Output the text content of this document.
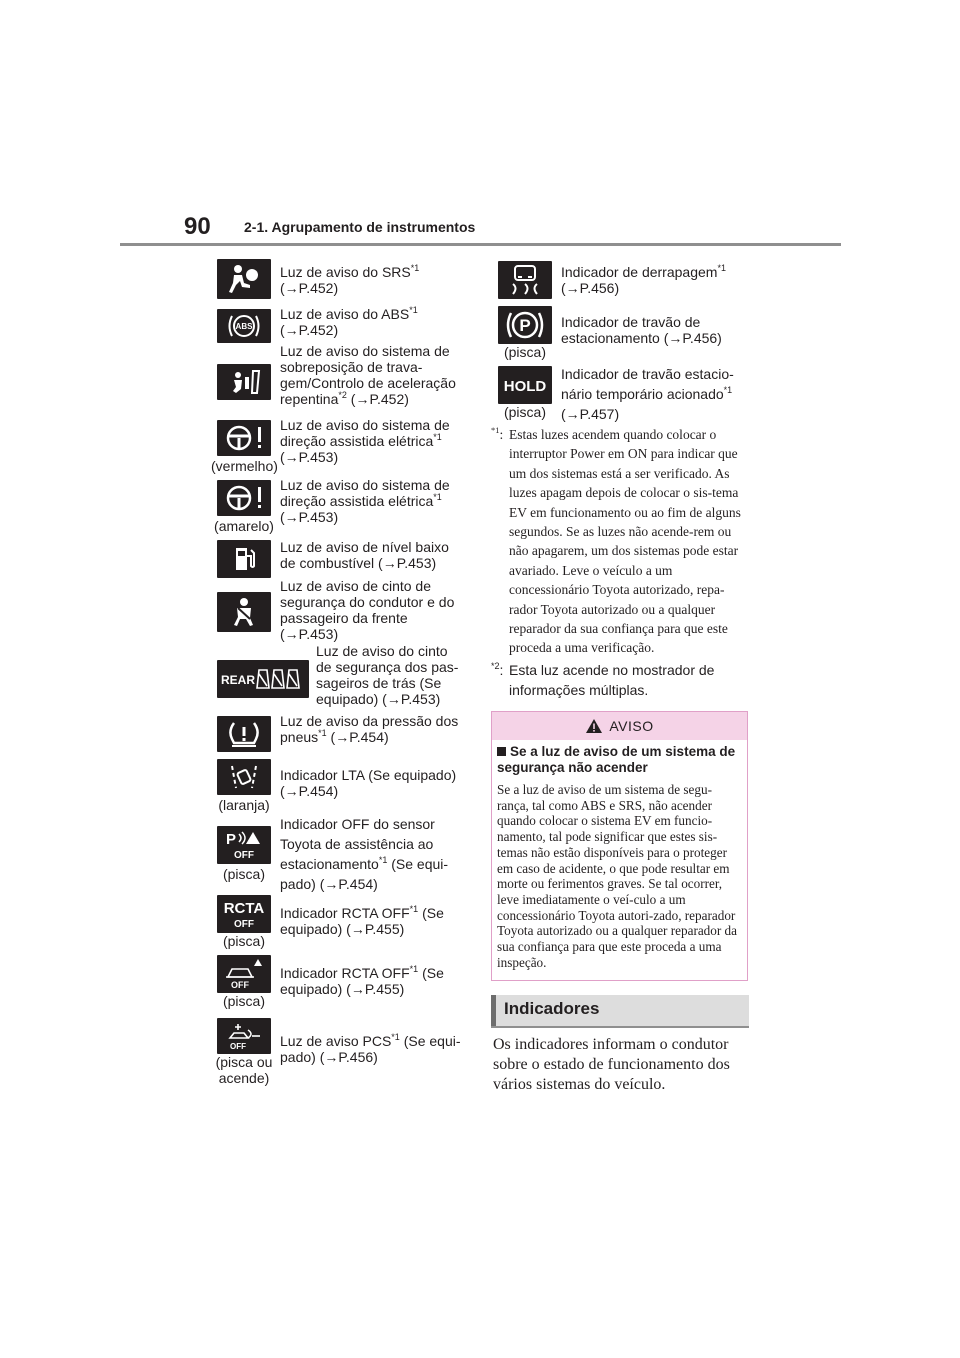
90 2-1. Agrupamento de instrumentos
Luz de aviso do SRS$^{*1}$
(→P.452)
ABS
Luz de aviso do ABS$^{*1}$
(→P.452)
Luz de aviso do sistema de sobreposição de trava-gem/Controlo de aceleração repentina$^{*2}$ (→P.452)
(vermelho)
Luz de aviso do sistema de direção assistida elétrica$^{*1}$
(→P.453)
(amarelo)
Luz de aviso do sistema de direção assistida elétrica$^{*1}$
(→P.453)
Luz de aviso de nível baixo de combustível (→P.453)
Luz de aviso de cinto de segurança do condutor e do passageiro da frente
(→P.453)
REAR
Luz de aviso do cinto de segurança dos pas-sageiros de trás (Se equipado) (→P.453)
Luz de aviso da pressão dos pneus$^{*1}$ (→P.454)
(laranja)
Indicador LTA (Se equipado)
(→P.454)
P
OFF
(pisca)
Indicador OFF do sensor Toyota de assistência ao estacionamento$^{*1}$ (Se equi-pado) (→P.454)
RCTA
OFF
(pisca)
Indicador RCTA OFF$^{*1}$ (Se equipado) (→P.455)
OFF
(pisca)
Indicador RCTA OFF$^{*1}$ (Se equipado) (→P.455)
OFF
(pisca ou acende)
Luz de aviso PCS$^{*1}$ (Se equi-pado) (→P.456)
Indicador de derrapagem$^{*1}$
(→P.456)
P
(pisca)
Indicador de travão de estacionamento (→P.456)
HOLD
(pisca)
Indicador de travão estacio-nário temporário acionado$^{*1}$
(→P.457)
$^{*1}$: Estas luzes acendem quando colocar o interruptor Power em ON para indicar que um dos sistemas está a ser verificado. As luzes apagam depois de colocar o sis-tema EV em funcionamento ou ao fim de alguns segundos. Se as luzes não acende-rem ou não apagarem, um dos sistemas pode estar avariado. Leve o veículo a um concessionário Toyota autorizado, repa-rador Toyota autorizado ou a qualquer reparador da sua confiança para que este proceda a uma verificação.
$^{*2}$: Esta luz acende no mostrador de informações múltiplas.
AVISO
Se a luz de aviso de um sistema de segurança não acender
Se a luz de aviso de um sistema de segu-rança, tal como ABS e SRS, não acender quando colocar o sistema EV em funcio-namento, tal pode significar que estes sis-temas não estão disponíveis para o proteger em caso de acidente, o que pode resultar em morte ou ferimentos graves. Se tal ocorrer, leve imediatamente o veí-culo a um concessionário Toyota autori-zado, reparador Toyota autorizado ou a qualquer reparador da sua confiança para que este proceda a uma inspeção.
Indicadores
Os indicadores informam o condutor sobre o estado de funcionamento dos vários sistemas do veículo.
